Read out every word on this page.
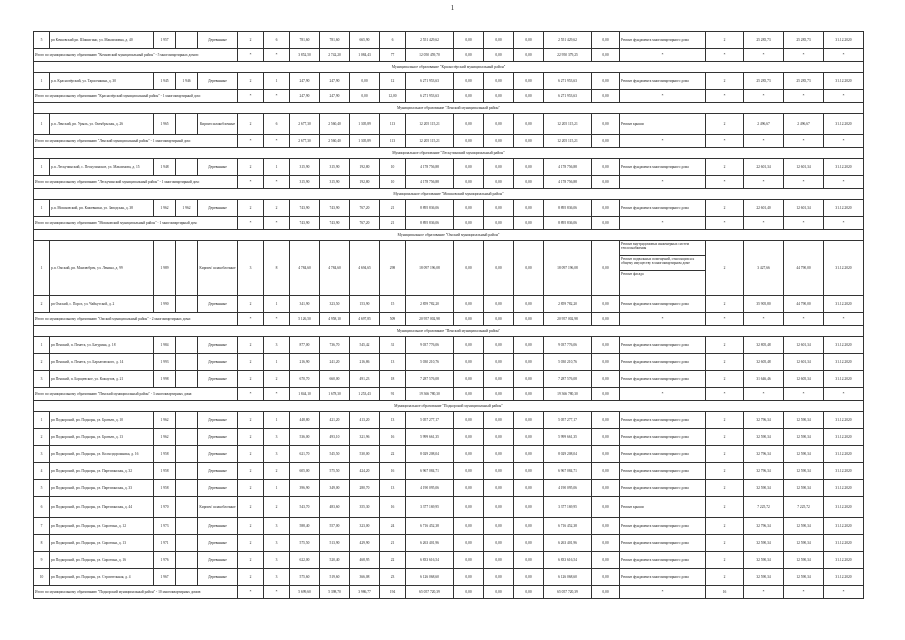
1
5	рп Кочковский рп. Шишигино, ул. Максимовна, д. 40	1 957		Деревянные	2	6	781,60	781,60	665,90	6	2 551 429,62	0,00	0,00	0,00	2 551 429,62	0,00	Ремонт фундамента многоквартирного дома	2	25 285,73	25 285,73	31.12.2020
Итого по муниципальному образованию "Кочковский муниципальный район" - 5 многоквартирных домов:					*	*	3 852,50	2 742,20	1 084,43	77	12 050 459,70	0,00	0,00	0,00	22 950 379,25	0,00	*	*	*	*	*
Муниципальное образование "Краснозёрский муниципальный район"																					
1	р.п. Краснозёрский, ул. Тарасенкина, д. 30	1 945	1 946	Деревянные	2	1	247,90	247,90	0,00	12	6 271 953,63	0,00	0,00	0,00	6 271 953,63	0,00	Ремонт фундамента многоквартирного дома	2	25 285,73	25 285,73	31.12.2020
Итого по муниципальному образованию "Краснозёрский муниципальный район" - 1 многоквартирный дом:					*	*	247,90	247,90	0,00	12,00	6 271 953,63	0,00	0,00	0,00	6 271 953,63	0,00	*	*	*	*	*
Муниципальное образование "Ленский муниципальный район"																					
1	р.п. Ленский, рп. Урыль, ул. Октябрьская, д. 26	1 965		Кирпич шлакоблочные	2	6	2 677,30	2 560,40	1 305,89	113	12 205 115,21	0,00	0,00	0,00	12 205 115,21	0,00	Ремонт крыши	2	2 496,67	2 496,67	31.12.2020
Итого по муниципальному образованию "Ленский муниципальный район" - 1 многоквартирный дом:					*	*	2 677,30	2 560,40	1 305,89	113	12 205 115,21	0,00	0,00	0,00	12 205 115,21	0,00	*	*	*	*	*
Муниципальное образование "Лескучинский муниципальный район"																					
1	р.п. Лескучинский, с. Пескучинское, ул. Максимова, д. 15	1 948		Деревянные	2	1	315,90	315,90	192,80	10	4 178 756,88	0,00	0,00	0,00	4 178 756,88	0,00	Ремонт фундамента многоквартирного дома	2	22 601,34	12 601,34	31.12.2020
Итого по муниципальному образованию "Лескучинский муниципальный район" - 1 многоквартирный дом:					*	*	315,90	315,90	192,80	10	4 178 756,88	0,00	0,00	0,00	4 178 756,88	0,00	*	*	*	*	*
Муниципальное образование "Мошковский муниципальный район"																					
1	р.п. Мошковский, рп. Кожевники, ул. Заводская, д. 38	1 962	1 962	Деревянные	2	2	743,90	743,90	767,20	21	8 895 836,06	0,00	0,00	0,00	8 895 836,06	0,00	Ремонт фундамента многоквартирного дома	2	22 601,40	12 601,34	31.12.2020
Итого по муниципальному образованию "Мошковский муниципальный район" - 1 многоквартирный дом:					*	*	743,90	743,90	767,20	21	8 895 836,06	0,00	0,00	0,00	8 895 836,06	0,00	*	*	*	*	*
Муниципальное образование "Омский муниципальный район"																					
1	р.п. Омский, рп. Мамлюбрек, ул. Ленина, д. 99	1 989		Кирпич/ шлакоблочные	3	8	4 784,60	4 784,60	4 694,65	298	18 097 196,08	0,00	0,00	0,00	18 097 196,08	0,00	Ремонт внутридомовых инженерных систем теплоснабжения
Ремонт подвальных помещений, относящихся к общему имуществу в многоквартирном доме
Ремонт фасада	2	3 427,66	44 790,00	31.12.2020
2	рп Омский, с. Пороз, ул. Чайкутской, д. 2	1 990		Деревянные	2	1	341,90	323,50	153,90	15	2 859 782,20	0,00	0,00	0,00	2 859 782,20	0,00	Ремонт фундамента многоквартирного дома	2	35 905,80	44 790,00	31.12.2020
Итого по муниципальному образованию "Омский муниципальный район" - 2 многоквартирных дома:					*	*	5 126,50	4 958,10	4 697,85	509	20 957 002,98	0,00	0,00	0,00	20 957 002,98	0,00	*	*	*	*	*
Муниципальное образование "Пенский муниципальный район"																					
1	рп Пенский, п. Пенета, ул. Батурина, д. 18	1 984		Деревянные	2	3	877,00	736,70	545,42	31	9 037 776,06	0,00	0,00	0,00	9 037 776,06	0,00	Ремонт фундамента многоквартирного дома	2	32 805,48	12 601,34	31.12.2020
2	рп Пенский, п. Пенета, ул. Бархатовского, д. 14	1 993		Деревянные	2	1	216,90	241,20	216,86	13	5 030 210,76	0,00	0,00	0,00	5 030 210,76	0,00	Ремонт фундамента многоквартирного дома	2	32 605,48	12 601,34	31.12.2020
3	рп Пенский, п. Борщевское, ул. Кожаузов, д. 21	1 998		Деревянные	2	2	670,70	660,00	491,23	18	7 287 576,08	0,00	0,00	0,00	7 287 576,08	0,00	Ремонт фундамента многоквартирного дома	2	31 646,46	12 605,34	31.12.2020
Итого по муниципальному образованию "Пенский муниципальный район" - 3 многоквартирных дома:					*	*	1 844,10	1 678,30	1 253,43	91	19 366 780,30	0,00	0,00	0,00	19 366 780,30	0,00	*	*	*	*	*
Муниципальное образование "Подкорский муниципальный район"																					
1	рп Подкорский, рп. Подкоры, ул. Братьев, д. 10	1 962		Деревянные	2	1	448,80	421,20	413,20	13	5 057 277,17	0,00	0,00	0,00	5 057 277,17	0,00	Ремонт фундамента многоквартирного дома	2	32 796,34	12 590,34	31.12.2020
2	рп Подкорский, рп. Подкоры, ул. Братьев, д. 13	1 962		Деревянные	2	3	536,00	493,10	321,96	16	5 999 661,35	0,00	0,00	0,00	5 999 661,35	0,00	Ремонт фундамента многоквартирного дома	2	32 590,34	12 590,34	31.12.2020
3	рп Подкорский, рп. Подкоры, ул. Колхоздорожника, д. 16	1 958		Деревянные	2	3	621,70	545,50	530,00	22	8 029 208,04	0,00	0,00	0,00	8 029 208,04	0,00	Ремонт фундамента многоквартирного дома	2	32 796,34	12 590,34	31.12.2020
4	рп Подкорский, рп. Подкоры, ул. Партизанская, д. 32	1 958		Деревянные	2	2	605,00	575,50	424,20	16	6 967 084,71	0,00	0,00	0,00	6 967 084,71	0,00	Ремонт фундамента многоквартирного дома	2	32 796,34	12 590,34	31.12.2020
5	рп Подкорский, рп. Подкоры, ул. Партизанская, д. 33	1 958		Деревянные	2	1	396,90	349,00	280,70	13	4 190 095,06	0,00	0,00	0,00	4 190 095,06	0,00	Ремонт фундамента многоквартирного дома	2	32 590,34	12 590,34	31.12.2020
6	рп Подкорский, рп. Подкоры, ул. Партизанская, д. 44	1 970		Кирпич/ шлакоблочные	2	2	543,70	483,60	355,30	16	3 377 169,95	0,00	0,00	0,00	3 377 169,95	0,00	Ремонт крыши	2	7 225,72	7 225,72	31.12.2020
7	рп Подкорский, рп. Подкоры, ул. Сиротина, д. 12	1 973		Деревянные	2	3	588,40	557,00	323,00	24	6 716 452,38	0,00	0,00	0,00	6 716 452,38	0,00	Ремонт фундамента многоквартирного дома	2	32 796,34	12 590,34	31.12.2020
8	рп Подкорский, рп. Подкоры, ул. Сиротина, д. 13	1 971		Деревянные	2	3	575,50	513,90	429,90	21	6 263 401,96	0,00	0,00	0,00	6 263 401,96	0,00	Ремонт фундамента многоквартирного дома	2	32 590,34	12 590,34	31.12.2020
9	рп Подкорский, рп. Подкоры, ул. Сиротина, д. 16	1 976		Деревянные	2	3	622,00	520,40	468,95	22	6 833 616,54	0,00	0,00	0,00	6 833 616,54	0,00	Ремонт фундамента многоквартирного дома	2	32 590,34	12 590,34	31.12.2020
10	рп Подкорский, рп. Подкоры, ул. Строительная, д. 4	1 967		Деревянные	2	3	575,60	519,60	366,08	23	6 126 068,60	0,00	0,00	0,00	6 126 068,60	0,00	Ремонт фундамента многоквартирного дома	2	32 590,34	12 590,34	31.12.2020
Итого по муниципальному образованию "Подкорский муниципальный район" - 10 многоквартирных домов:					*	*	5 699,60	5 398,70	3 986,77	194	65 057 720,39	0,00	0,00	0,00	65 057 720,39	0,00	*	16	*	*	*
